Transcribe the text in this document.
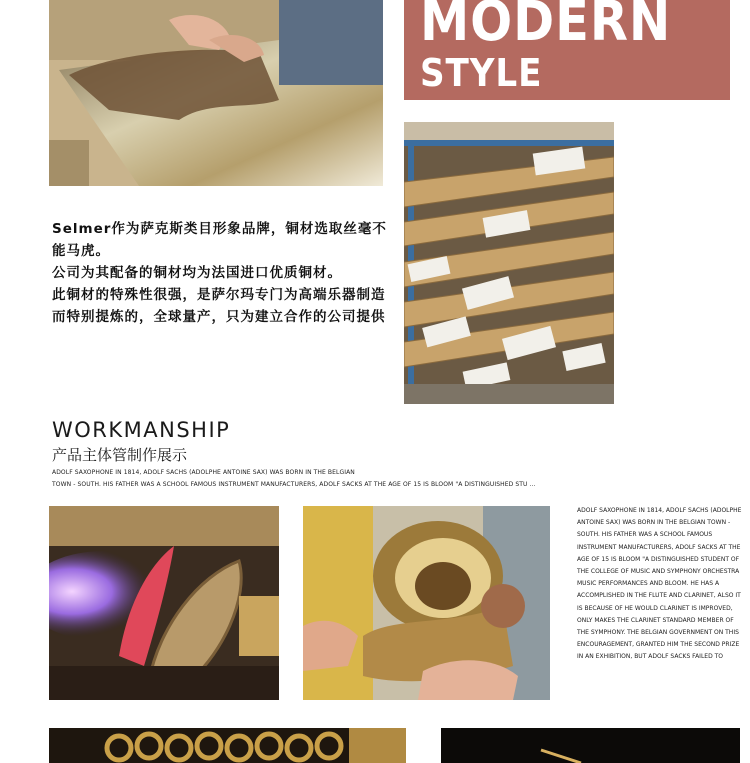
MODERN
STYLE

Selmer作为萨克斯类目形象品牌，铜材选取丝毫不能马虎。

公司为其配备的铜材均为法国进口优质铜材。

此铜材的特殊性很强，是萨尔玛专门为高端乐器制造而特别提炼的，全球量产，只为建立合作的公司提供

WORKMANSHIP
产品主体管制作展示
ADOLF SAXOPHONE IN 1814, ADOLF SACHS (ADOLPHE ANTOINE SAX) WAS BORN IN THE BELGIAN
TOWN - SOUTH. HIS FATHER WAS A SCHOOL FAMOUS INSTRUMENT MANUFACTURERS, ADOLF SACKS AT THE AGE OF 15 IS BLOOM "A DISTINGUISHED STU ...
ADOLF SAXOPHONE IN 1814, ADOLF SACHS (ADOLPHE ANTOINE SAX) WAS BORN IN THE BELGIAN TOWN - SOUTH. HIS FATHER WAS A SCHOOL FAMOUS INSTRUMENT MANUFACTURERS, ADOLF SACKS AT THE AGE OF 15 IS BLOOM "A DISTINGUISHED STUDENT OF THE COLLEGE OF MUSIC AND SYMPHONY ORCHESTRA MUSIC PERFORMANCES AND BLOOM. HE HAS A ACCOMPLISHED IN THE FLUTE AND CLARINET, ALSO IT IS BECAUSE OF HE WOULD CLARINET IS IMPROVED, ONLY MAKES THE CLARINET STANDARD MEMBER OF THE SYMPHONY. THE BELGIAN GOVERNMENT ON THIS ENCOURAGEMENT, GRANTED HIM THE SECOND PRIZE IN AN EXHIBITION, BUT ADOLF SACKS FAILED TO
